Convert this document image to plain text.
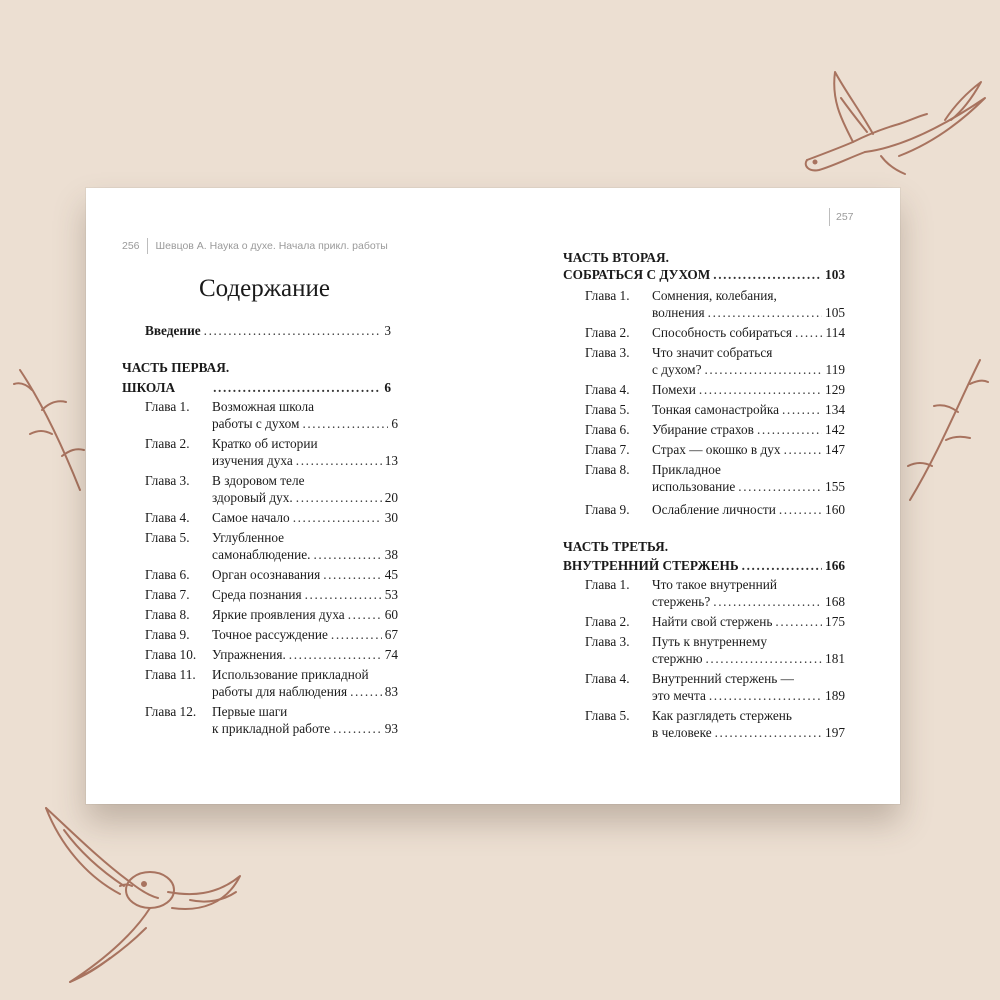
256 Шевцов А. Наука о духе. Начала прикл. работы
257
Содержание
Введение .....	3
ЧАСТЬ ПЕРВАЯ.
ШКОЛА .....	6
Глава 1. Возможная школа
работы с духом .....	6
Глава 2. Кратко об истории
изучения духа .....	13
Глава 3. В здоровом теле
здоровый дух. .....	20
Глава 4. Самое начало .....	30
Глава 5. Углубленное
самонаблюдение. .....	38
Глава 6. Орган осознавания .....	45
Глава 7. Среда познания .....	53
Глава 8. Яркие проявления духа .....	60
Глава 9. Точное рассуждение .....	67
Глава 10. Упражнения. .....	74
Глава 11. Использование прикладной
работы для наблюдения .....	83
Глава 12. Первые шаги
к прикладной работе .....	93
ЧАСТЬ ВТОРАЯ.
СОБРАТЬСЯ С ДУХОМ .....	103
Глава 1. Сомнения, колебания,
волнения .....	105
Глава 2. Способность собираться .....	114
Глава 3. Что значит собраться
с духом? .....	119
Глава 4. Помехи .....	129
Глава 5. Тонкая самонастройка .....	134
Глава 6. Убирание страхов .....	142
Глава 7. Страх — окошко в дух .....	147
Глава 8. Прикладное
использование .....	155
Глава 9. Ослабление личности .....	160
ЧАСТЬ ТРЕТЬЯ.
ВНУТРЕННИЙ СТЕРЖЕНЬ .....	166
Глава 1. Что такое внутренний
стержень? .....	168
Глава 2. Найти свой стержень .....	175
Глава 3. Путь к внутреннему
стержню .....	181
Глава 4. Внутренний стержень —
это мечта .....	189
Глава 5. Как разглядеть стержень
в человеке .....	197
